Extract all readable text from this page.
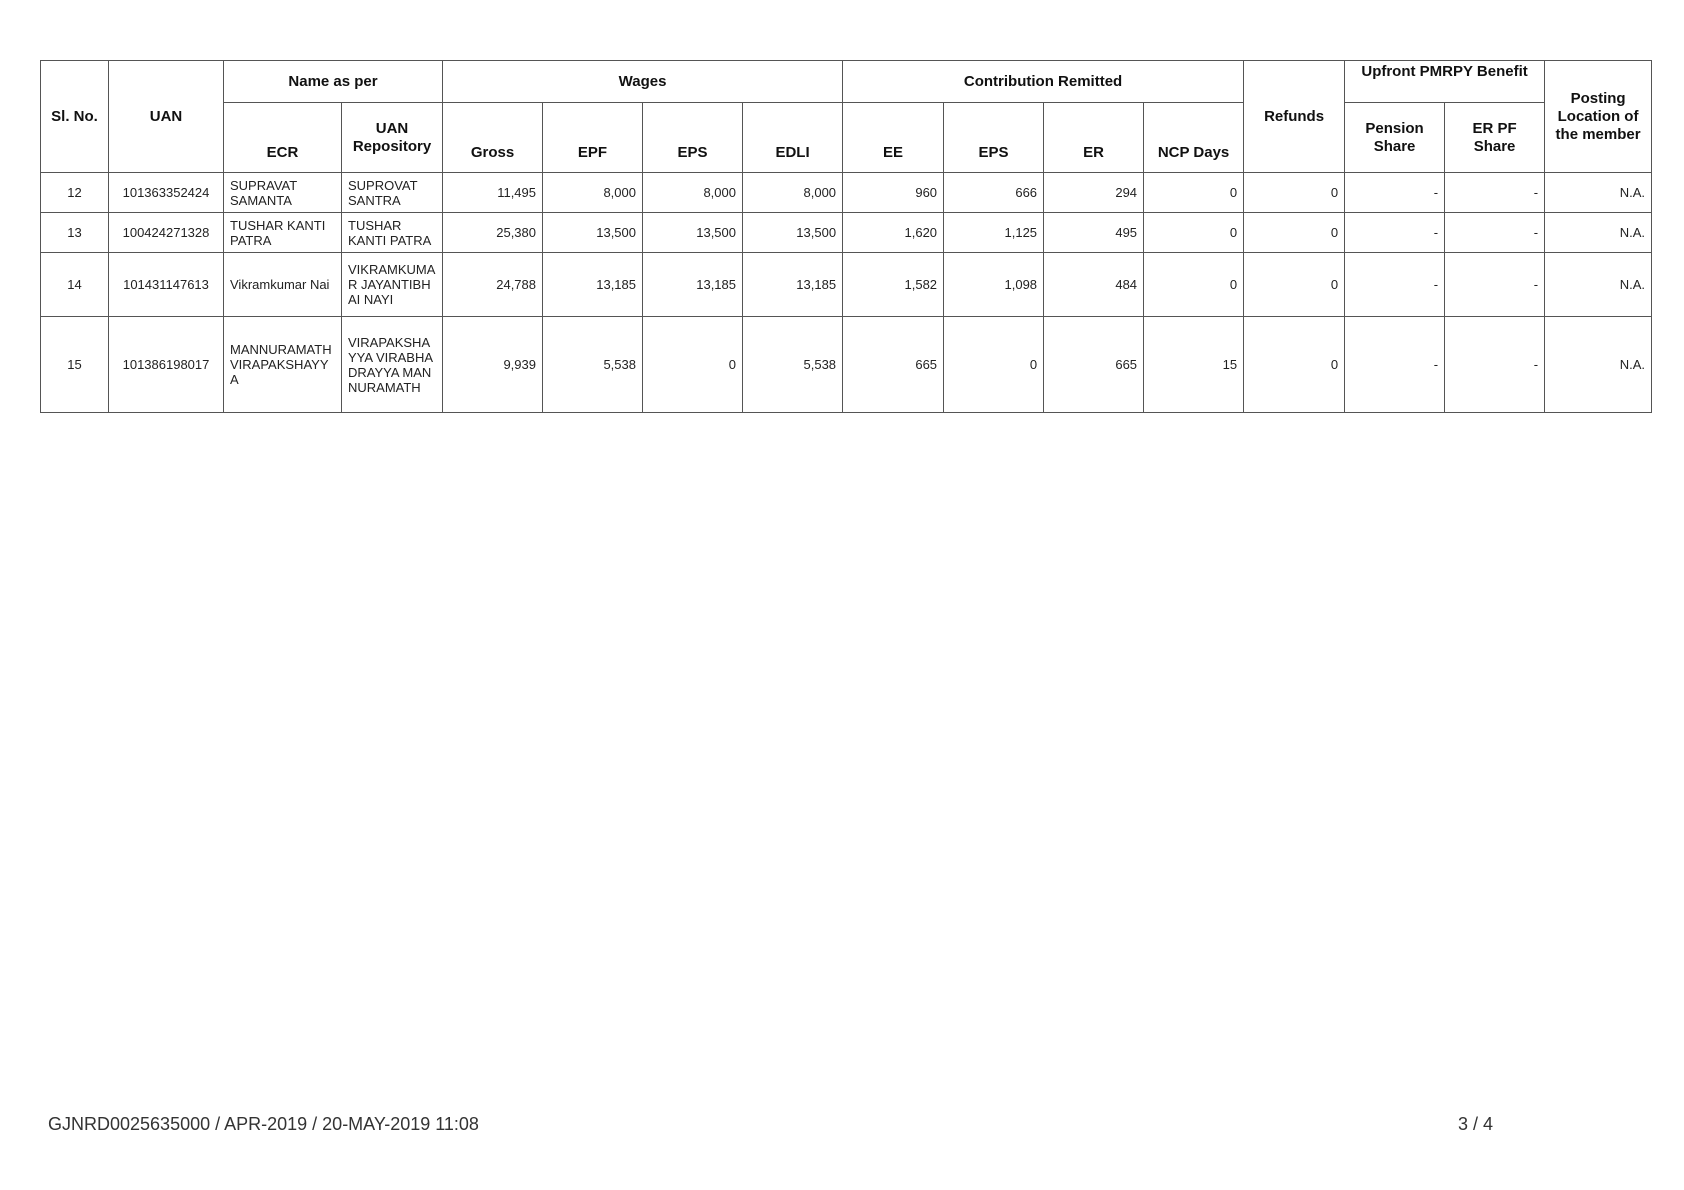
Sl. No.	UAN	Name as per		Wages				Contribution Remitted				Refunds	Upfront PMRPY Benefit		Posting Location of the member
		ECR	UAN Repository	Gross	EPF	EPS	EDLI	EE	EPS	ER	NCP Days		Pension Share	ER PF Share	
12	101363352424	SUPRAVAT SAMANTA	SUPROVAT SANTRA	11,495	8,000	8,000	8,000	960	666	294	0	0	-	-	N.A.
13	100424271328	TUSHAR KANTI PATRA	TUSHAR KANTI PATRA	25,380	13,500	13,500	13,500	1,620	1,125	495	0	0	-	-	N.A.
14	101431147613	Vikramkumar Nai	VIKRAMKUMAR JAYANTIBHAI NAYI	24,788	13,185	13,185	13,185	1,582	1,098	484	0	0	-	-	N.A.
15	101386198017	MANNURAMATH VIRAPAKSHAYYA	VIRAPAKSHAYYA VIRABHADRAYYA MANNURAMATH	9,939	5,538	0	5,538	665	0	665	15	0	-	-	N.A.
GJNRD0025635000 / APR-2019 / 20-MAY-2019 11:08	3 / 4
